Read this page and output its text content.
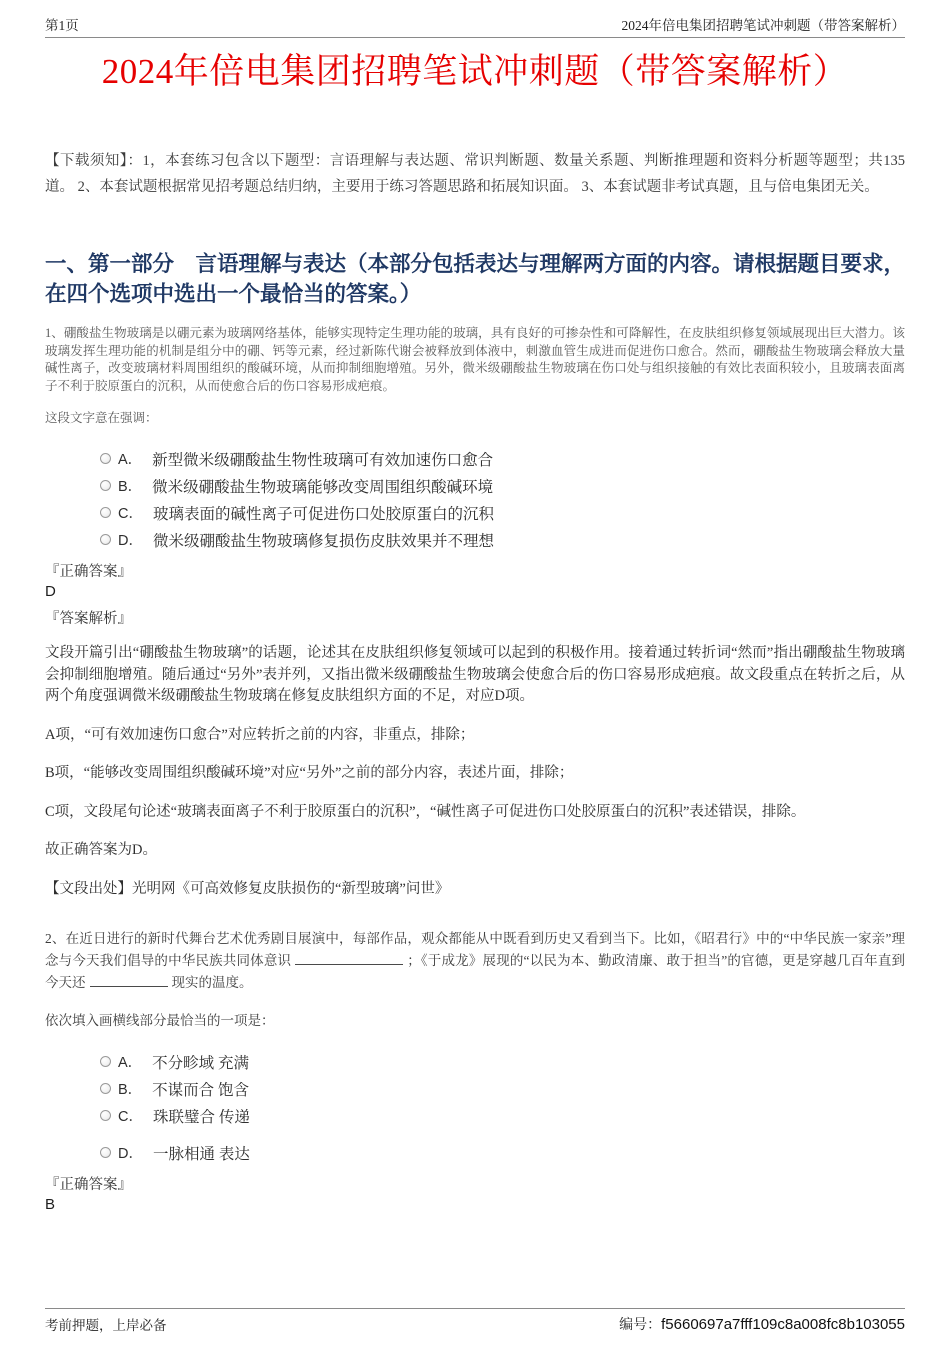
第1页	2024年倍电集团招聘笔试冲刺题（带答案解析）
2024年倍电集团招聘笔试冲刺题（带答案解析）

【下载须知】：1，本套练习包含以下题型：言语理解与表达题、常识判断题、数量关系题、判断推理题和资料分析题等题型；共135道。 2、本套试题根据常见招考题总结归纳，主要用于练习答题思路和拓展知识面。 3、本套试题非考试真题，且与倍电集团无关。

一、第一部分　言语理解与表达（本部分包括表达与理解两方面的内容。请根据题目要求，在四个选项中选出一个最恰当的答案。）

1、硼酸盐生物玻璃是以硼元素为玻璃网络基体，能够实现特定生理功能的玻璃，具有良好的可掺杂性和可降解性，在皮肤组织修复领域展现出巨大潜力。该玻璃发挥生理功能的机制是组分中的硼、钙等元素，经过新陈代谢会被释放到体液中，刺激血管生成进而促进伤口愈合。然而，硼酸盐生物玻璃会释放大量碱性离子，改变玻璃材料周围组织的酸碱环境，从而抑制细胞增殖。另外，微米级硼酸盐生物玻璃在伤口处与组织接触的有效比表面积较小，且玻璃表面离子不利于胶原蛋白的沉积，从而使愈合后的伤口容易形成疤痕。

这段文字意在强调：

A． 新型微米级硼酸盐生物性玻璃可有效加速伤口愈合
B． 微米级硼酸盐生物玻璃能够改变周围组织酸碱环境
C． 玻璃表面的碱性离子可促进伤口处胶原蛋白的沉积
D． 微米级硼酸盐生物玻璃修复损伤皮肤效果并不理想

『正确答案』

D

『答案解析』

文段开篇引出“硼酸盐生物玻璃”的话题，论述其在皮肤组织修复领域可以起到的积极作用。接着通过转折词“然而”指出硼酸盐生物玻璃会抑制细胞增殖。随后通过“另外”表并列，又指出微米级硼酸盐生物玻璃会使愈合后的伤口容易形成疤痕。故文段重点在转折之后，从两个角度强调微米级硼酸盐生物玻璃在修复皮肤组织方面的不足，对应D项。

A项，“可有效加速伤口愈合”对应转折之前的内容，非重点，排除；

B项，“能够改变周围组织酸碱环境”对应“另外”之前的部分内容，表述片面，排除；

C项，文段尾句论述“玻璃表面离子不利于胶原蛋白的沉积”，“碱性离子可促进伤口处胶原蛋白的沉积”表述错误，排除。

故正确答案为D。

【文段出处】光明网《可高效修复皮肤损伤的“新型玻璃”问世》

2、在近日进行的新时代舞台艺术优秀剧目展演中，每部作品，观众都能从中既看到历史又看到当下。比如，《昭君行》中的“中华民族一家亲”理念与今天我们倡导的中华民族共同体意识	；《于成龙》展现的“以民为本、勤政清廉、敢于担当”的官德，更是穿越几百年直到今天还	现实的温度。

依次填入画横线部分最恰当的一项是：

A． 不分畛域 充满
B． 不谋而合 饱含
C． 珠联璧合 传递
D． 一脉相通 表达

『正确答案』

B

考前押题，上岸必备	编号：f5660697a7fff109c8a008fc8b103055
